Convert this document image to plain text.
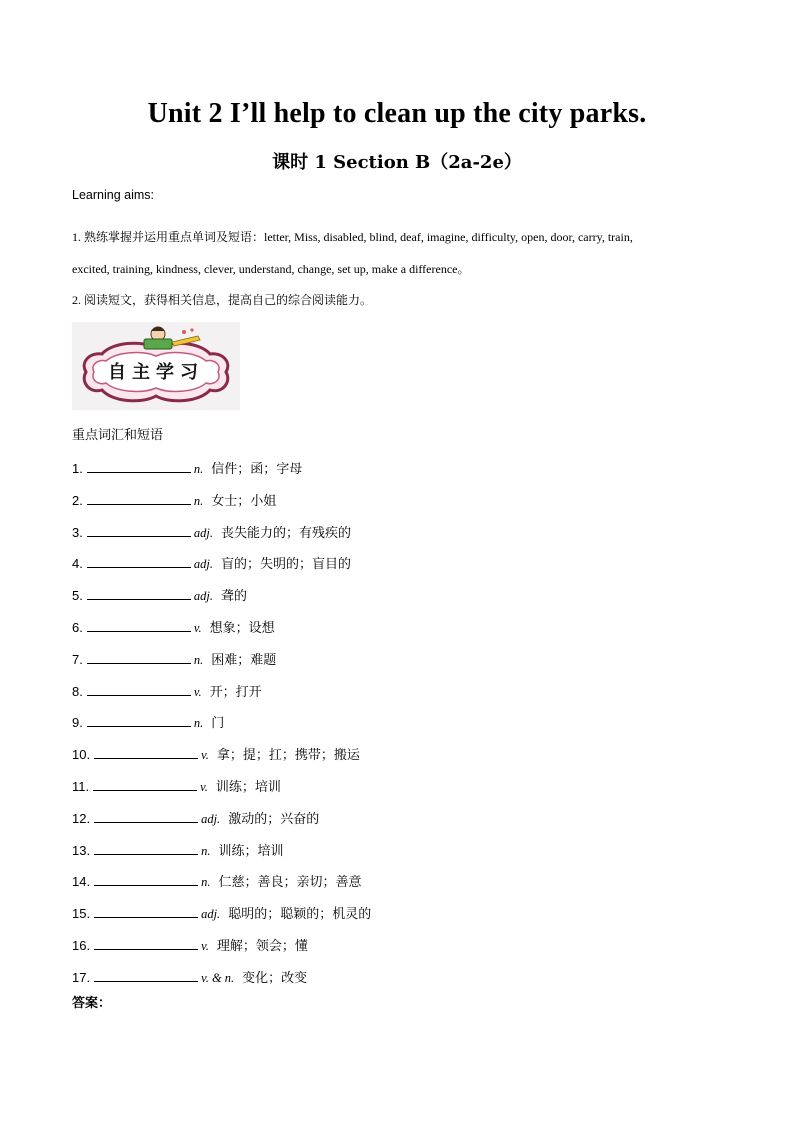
Unit 2 I’ll help to clean up the city parks.
课时 1 Section B（2a-2e）
Learning aims:
1. 熟练掌握并运用重点单词及短语：letter, Miss, disabled, blind, deaf, imagine, difficulty, open, door, carry, train,
excited, training, kindness, clever, understand, change, set up, make a difference。
2. 阅读短文，获得相关信息，提高自己的综合阅读能力。
自主学习
重点词汇和短语
1.	n. 信件；函；字母
2.	n. 女士；小姐
3.	adj. 丧失能力的；有残疾的
4.	adj. 盲的；失明的；盲目的
5.	adj. 聋的
6.	v. 想象；设想
7.	n. 困难；难题
8.	v. 开；打开
9.	n. 门
10.	v. 拿；提；扛；携带；搬运
11.	v. 训练；培训
12.	adj. 激动的；兴奋的
13.	n. 训练；培训
14.	n. 仁慈；善良；亲切；善意
15.	adj. 聪明的；聪颖的；机灵的
16.	v. 理解；领会；懂
17.	v. & n. 变化；改变
答案：
